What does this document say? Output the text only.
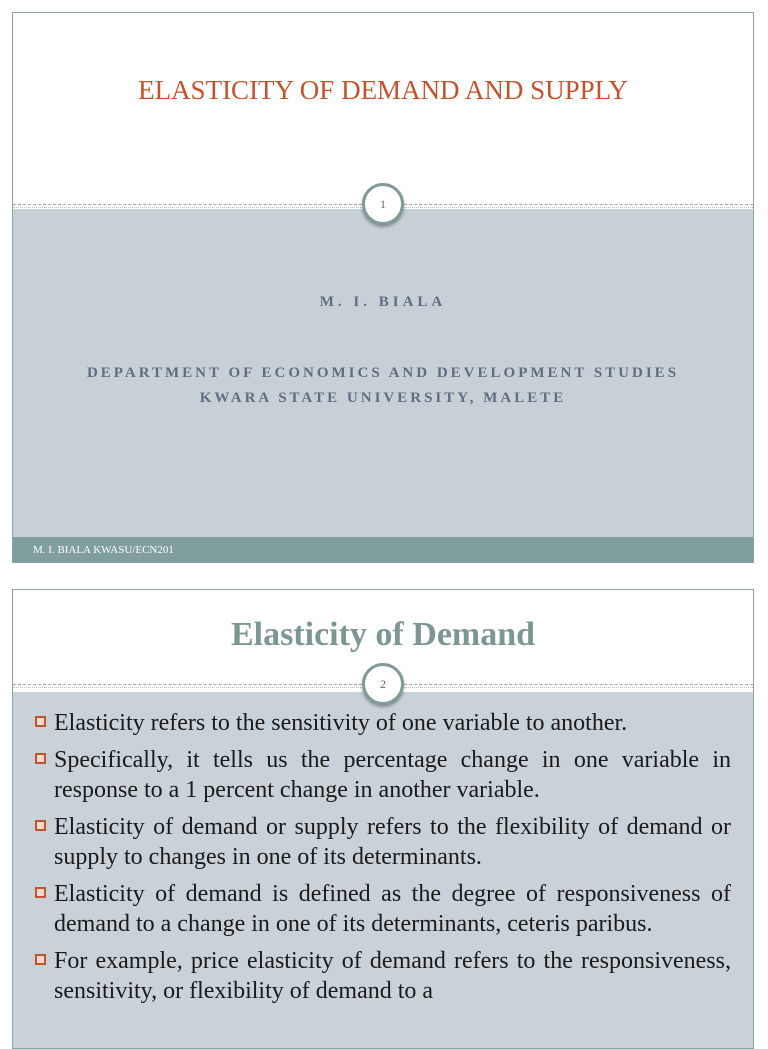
ELASTICITY OF DEMAND AND SUPPLY
1
M. I. BIALA
DEPARTMENT OF ECONOMICS AND DEVELOPMENT STUDIES
KWARA STATE UNIVERSITY, MALETE
M. I. BIALA KWASU/ECN201
Elasticity of Demand
2
Elasticity refers to the sensitivity of one variable to another.
Specifically, it tells us the percentage change in one variable in response to a 1 percent change in another variable.
Elasticity of demand or supply refers to the flexibility of demand or supply to changes in one of its determinants.
Elasticity of demand is defined as the degree of responsiveness of demand to a change in one of its determinants, ceteris paribus.
For example, price elasticity of demand refers to the responsiveness, sensitivity, or flexibility of demand to a
